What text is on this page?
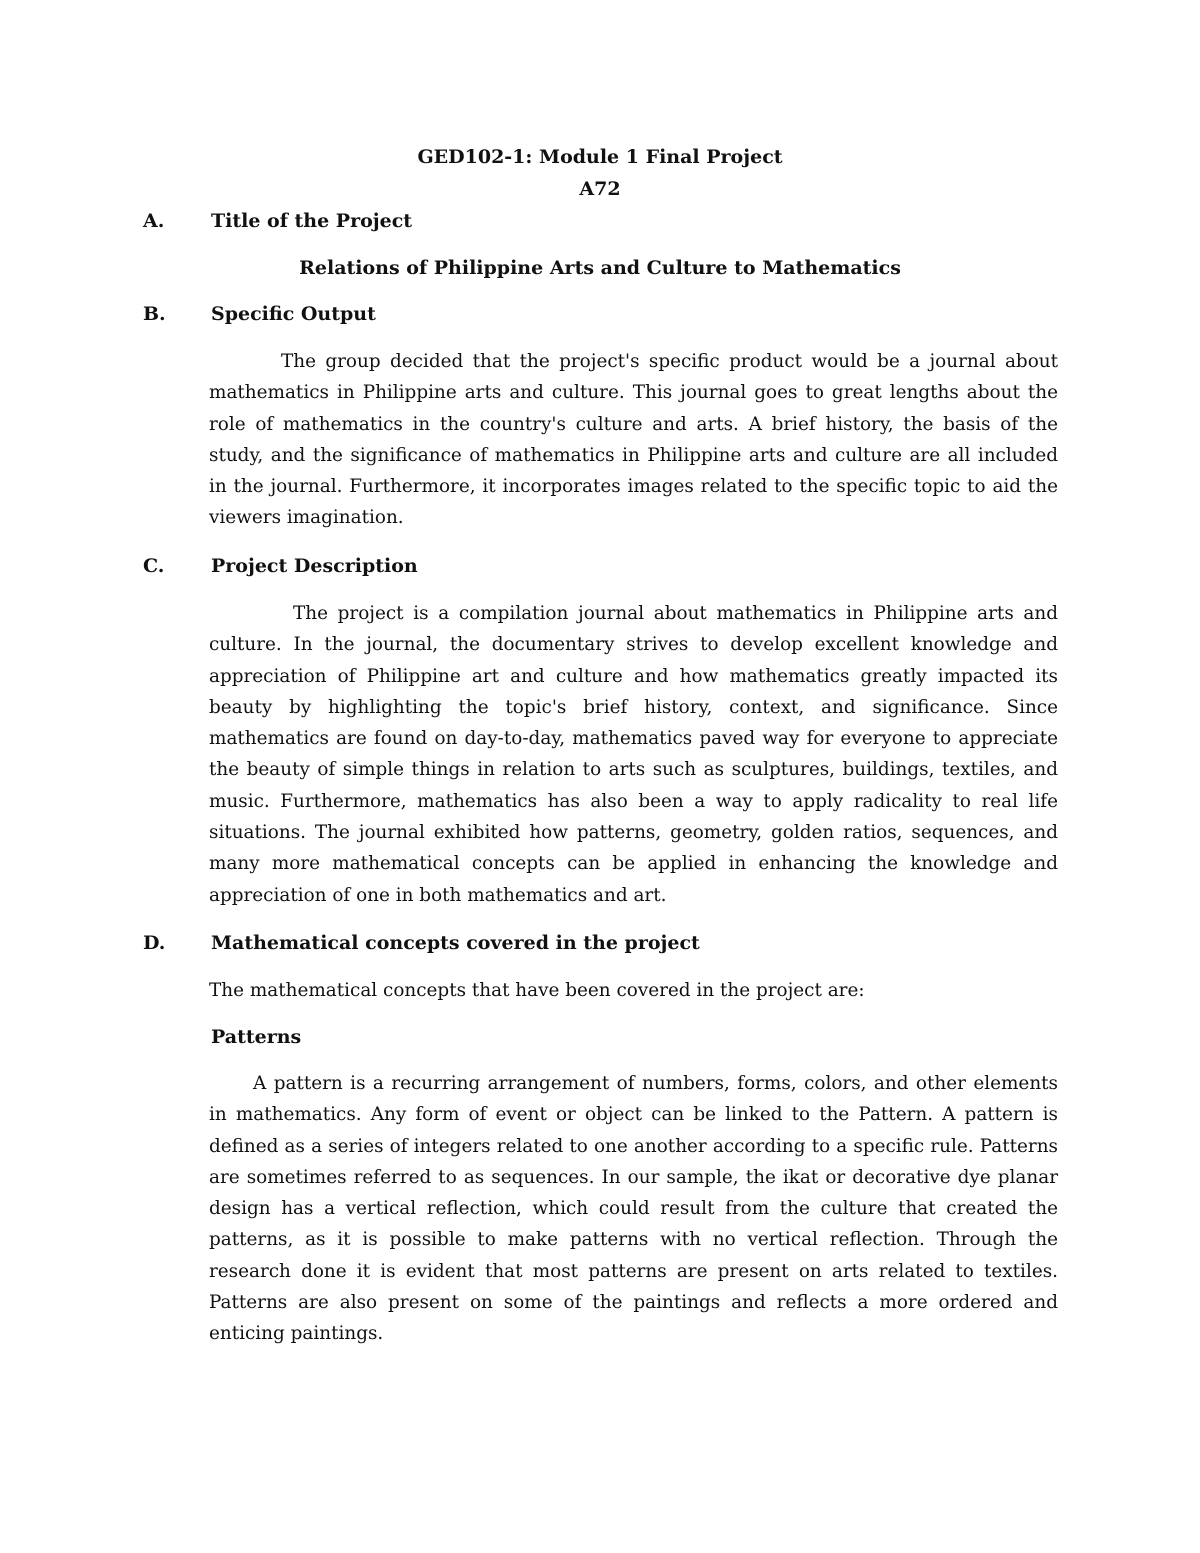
GED102-1: Module 1 Final Project
A72
A. Title of the Project
Relations of Philippine Arts and Culture to Mathematics
B. Specific Output

The group decided that the project's specific product would be a journal about mathematics in Philippine arts and culture. This journal goes to great lengths about the role of mathematics in the country's culture and arts. A brief history, the basis of the study, and the significance of mathematics in Philippine arts and culture are all included in the journal. Furthermore, it incorporates images related to the specific topic to aid the viewers imagination.

C. Project Description

The project is a compilation journal about mathematics in Philippine arts and culture. In the journal, the documentary strives to develop excellent knowledge and appreciation of Philippine art and culture and how mathematics greatly impacted its beauty by highlighting the topic's brief history, context, and significance. Since mathematics are found on day-to-day, mathematics paved way for everyone to appreciate the beauty of simple things in relation to arts such as sculptures, buildings, textiles, and music. Furthermore, mathematics has also been a way to apply radicality to real life situations. The journal exhibited how patterns, geometry, golden ratios, sequences, and many more mathematical concepts can be applied in enhancing the knowledge and appreciation of one in both mathematics and art.

D. Mathematical concepts covered in the project
The mathematical concepts that have been covered in the project are:
Patterns

A pattern is a recurring arrangement of numbers, forms, colors, and other elements in mathematics. Any form of event or object can be linked to the Pattern. A pattern is defined as a series of integers related to one another according to a specific rule. Patterns are sometimes referred to as sequences. In our sample, the ikat or decorative dye planar design has a vertical reflection, which could result from the culture that created the patterns, as it is possible to make patterns with no vertical reflection. Through the research done it is evident that most patterns are present on arts related to textiles. Patterns are also present on some of the paintings and reflects a more ordered and enticing paintings.
